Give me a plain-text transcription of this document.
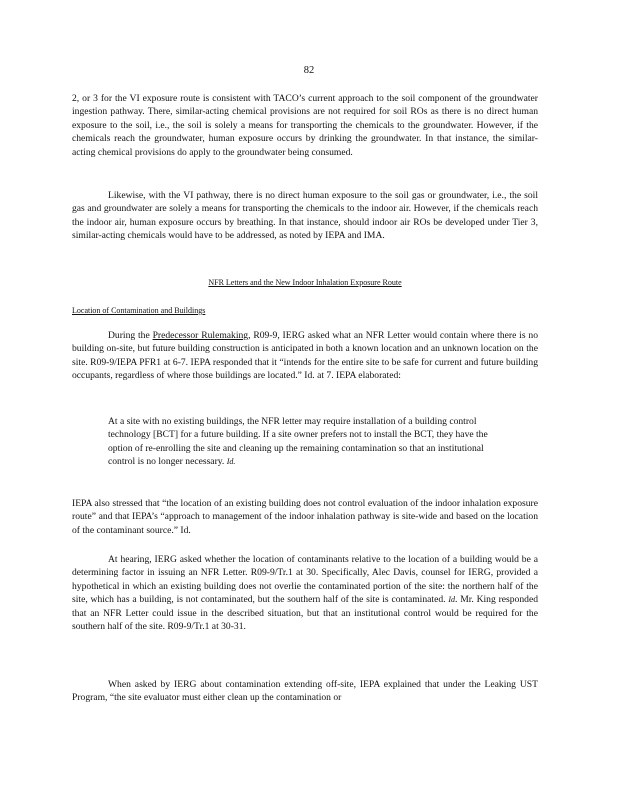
82

2, or 3 for the VI exposure route is consistent with TACO’s current approach to the soil component of the groundwater ingestion pathway. There, similar-acting chemical provisions are not required for soil ROs as there is no direct human exposure to the soil, i.e., the soil is solely a means for transporting the chemicals to the groundwater. However, if the chemicals reach the groundwater, human exposure occurs by drinking the groundwater. In that instance, the similar-acting chemical provisions do apply to the groundwater being consumed.

Likewise, with the VI pathway, there is no direct human exposure to the soil gas or groundwater, i.e., the soil gas and groundwater are solely a means for transporting the chemicals to the indoor air. However, if the chemicals reach the indoor air, human exposure occurs by breathing. In that instance, should indoor air ROs be developed under Tier 3, similar-acting chemicals would have to be addressed, as noted by IEPA and IMA.

NFR Letters and the New Indoor Inhalation Exposure Route
Location of Contamination and Buildings

During the Predecessor Rulemaking, R09-9, IERG asked what an NFR Letter would contain where there is no building on-site, but future building construction is anticipated in both a known location and an unknown location on the site. R09-9/IEPA PFR1 at 6-7. IEPA responded that it “intends for the entire site to be safe for current and future building occupants, regardless of where those buildings are located.” Id. at 7. IEPA elaborated:

At a site with no existing buildings, the NFR letter may require installation of a building control technology [BCT] for a future building. If a site owner prefers not to install the BCT, they have the option of re-enrolling the site and cleaning up the remaining contamination so that an institutional control is no longer necessary. Id.

IEPA also stressed that “the location of an existing building does not control evaluation of the indoor inhalation exposure route” and that IEPA’s “approach to management of the indoor inhalation pathway is site-wide and based on the location of the contaminant source.” Id.

At hearing, IERG asked whether the location of contaminants relative to the location of a building would be a determining factor in issuing an NFR Letter. R09-9/Tr.1 at 30. Specifically, Alec Davis, counsel for IERG, provided a hypothetical in which an existing building does not overlie the contaminated portion of the site: the northern half of the site, which has a building, is not contaminated, but the southern half of the site is contaminated. Id. Mr. King responded that an NFR Letter could issue in the described situation, but that an institutional control would be required for the southern half of the site. R09-9/Tr.1 at 30-31.

When asked by IERG about contamination extending off-site, IEPA explained that under the Leaking UST Program, “the site evaluator must either clean up the contamination or
